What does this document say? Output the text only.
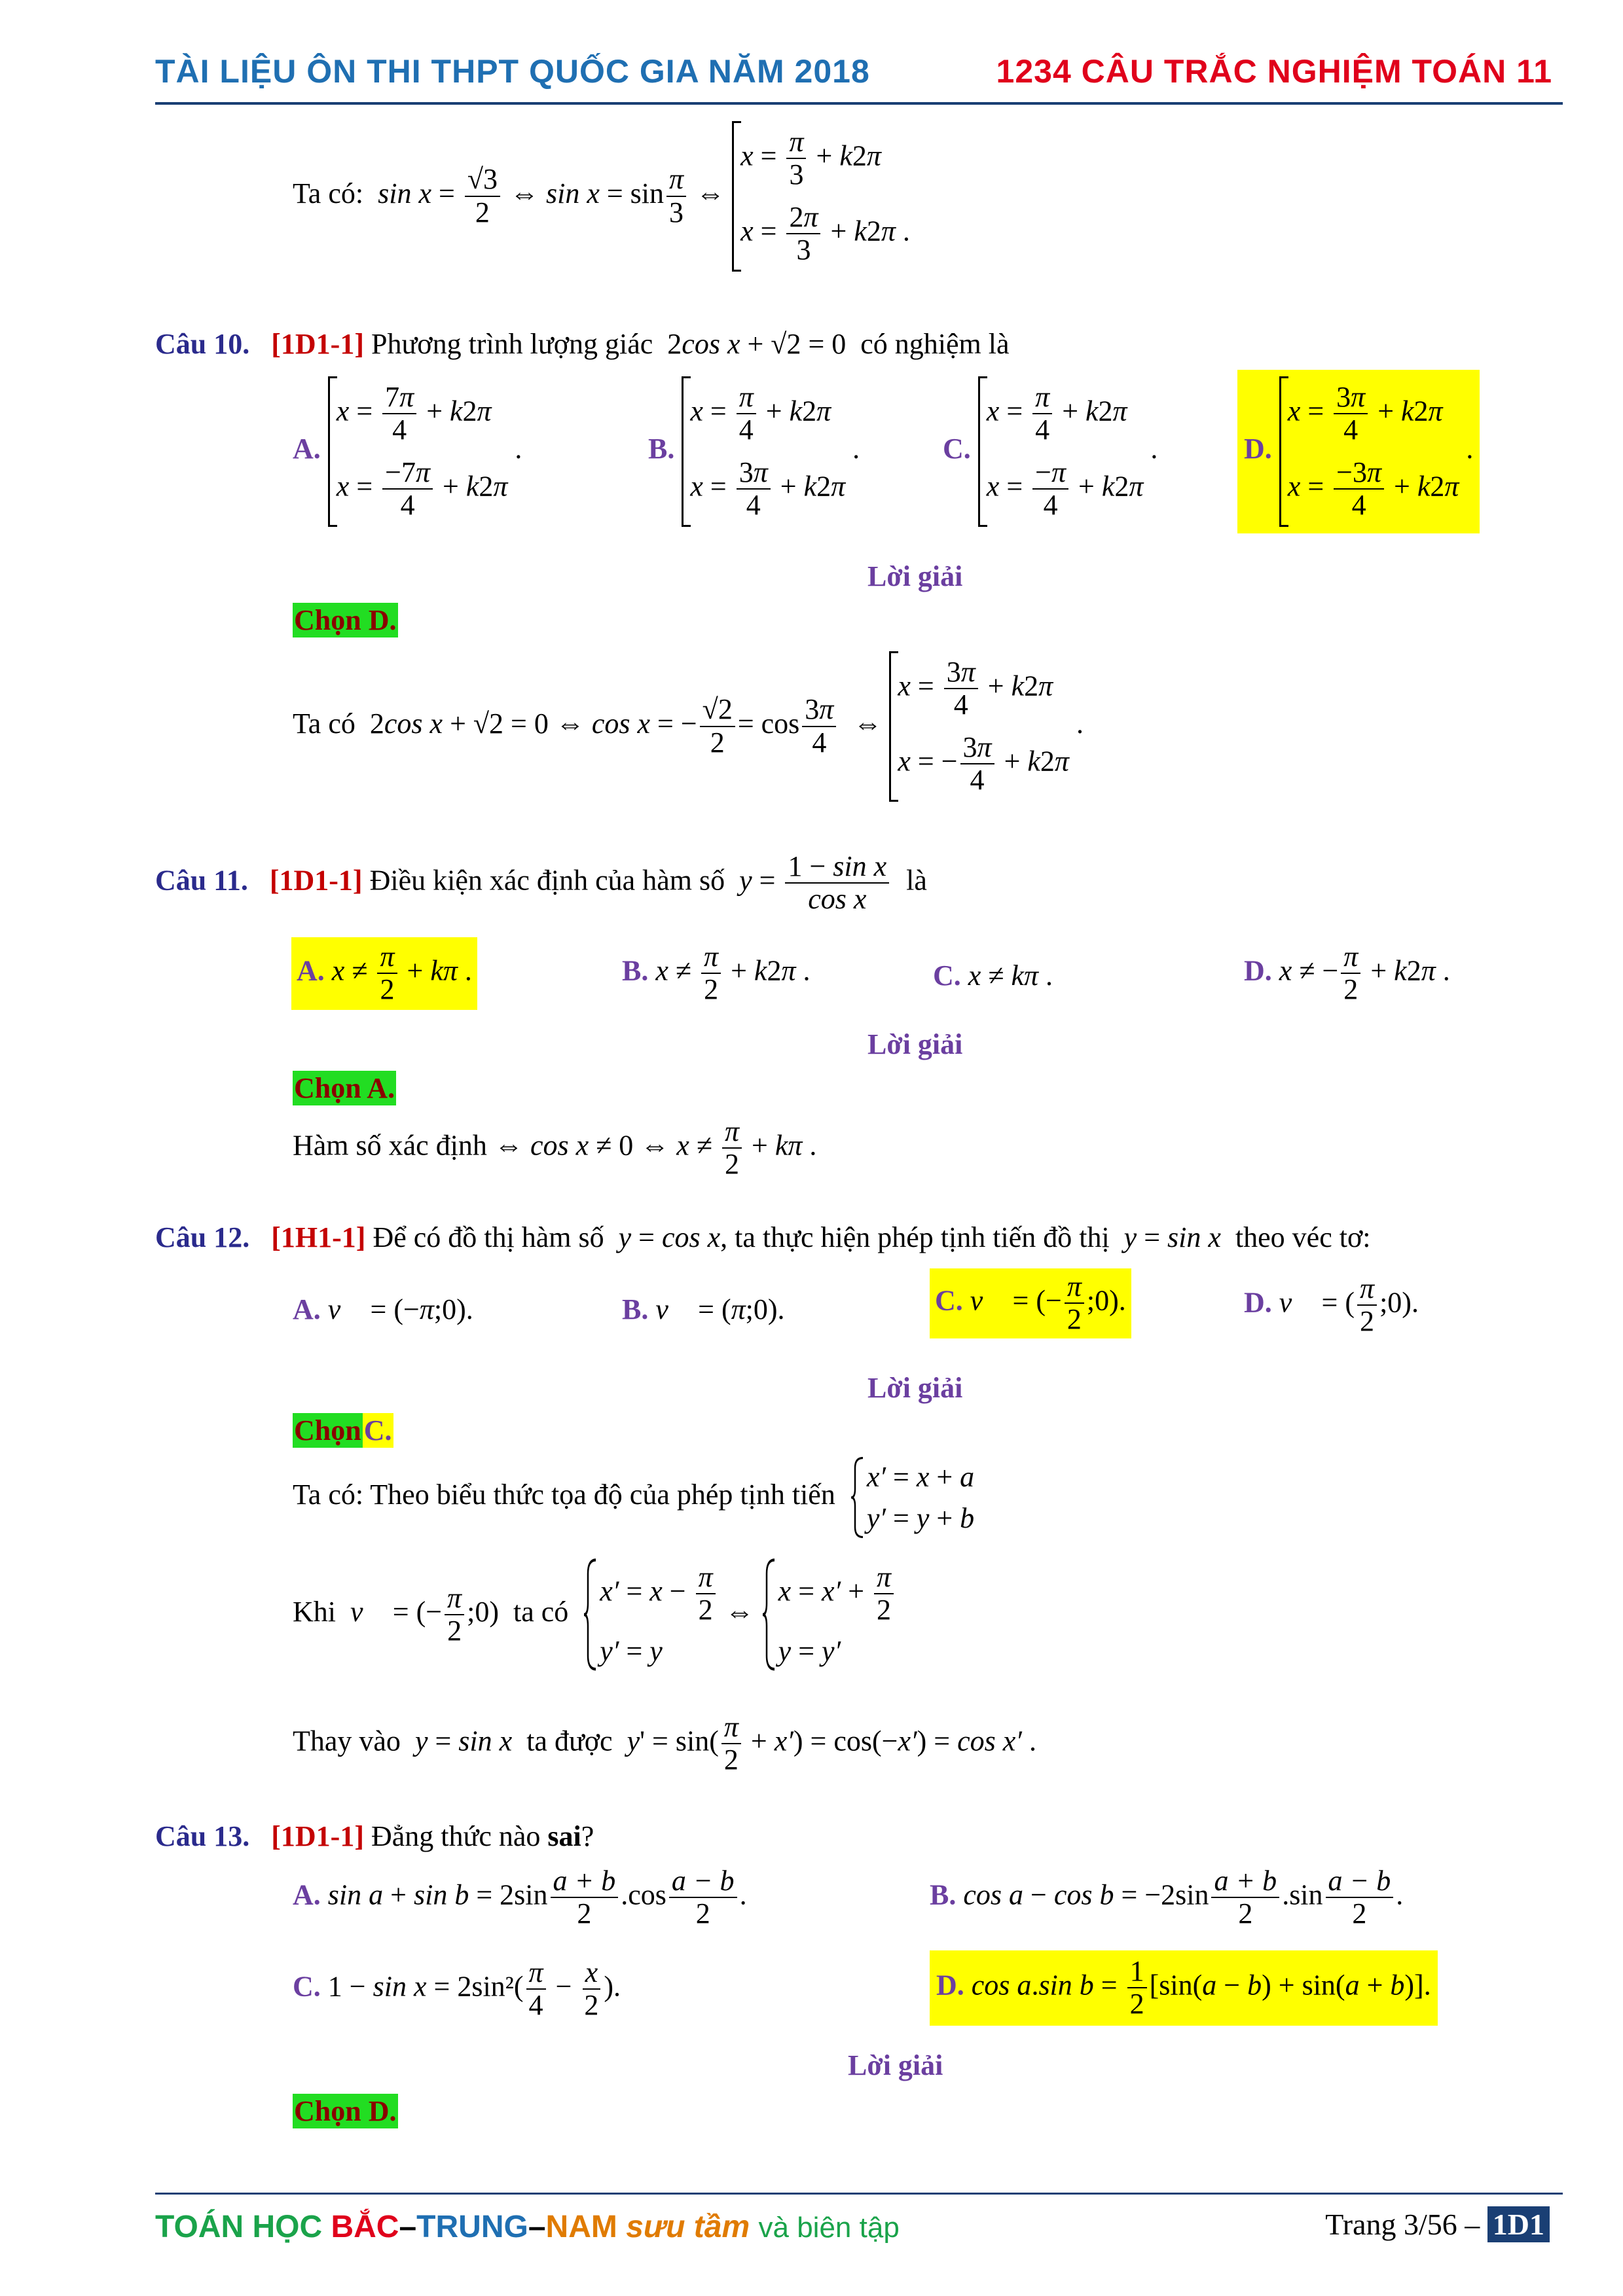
TÀI LIỆU ÔN THI THPT QUỐC GIA NĂM 2018	1234 CÂU TRẮC NGHIỆM TOÁN 11
Ta có: $\sin x = \frac{√3}{2}$ ⇔ $\sin x = \sin \frac{\pi}{3}$ ⇔
$x = \frac{\pi}{3} + k2\pi$
$x = \frac{2\pi}{3} + k2\pi$ .
Câu 10. [1D1-1] Phương trình lượng giác  2cos x + √2 = 0  có nghiệm là
A.
$x = \frac{7\pi}{4} + k2\pi$
$x = \frac{-7\pi}{4} + k2\pi$
.	B.
$x = \frac{\pi}{4} + k2\pi$
$x = \frac{3\pi}{4} + k2\pi$
.	C.
$x = \frac{\pi}{4} + k2\pi$
$x = \frac{-\pi}{4} + k2\pi$
.	D.
$x = \frac{3\pi}{4} + k2\pi$
$x = \frac{-3\pi}{4} + k2\pi$
.
Lời giải
Chọn D.
Ta có  2cos x + √2 = 0 ⇔ cos x = − $\frac{√2}{2} = \cos \frac{3\pi}{4}$ ⇔
$x = \frac{3\pi}{4} + k2\pi$
x = − $\frac{3\pi}{4} + k2\pi$
.
Câu 11. [1D1-1] Điều kiện xác định của hàm số $y = \frac{\text{1 − sin x}}{\text{cos x}}$ là
A. $x \ne \frac{\pi}{2} + k\pi$ .	B. $x \ne \frac{\pi}{2} + k2\pi$ .	C. x ≠ kπ .	D. x ≠ − $\frac{\pi}{2} + k2\pi$ .
Lời giải
Chọn A.
Hàm số xác định ⇔ cos x ≠ 0 ⇔ $x \ne \frac{\pi}{2} + k\pi$ .
Câu 12. [1H1-1] Để có đồ thị hàm số y = cos x, ta thực hiện phép tịnh tiến đồ thị y = sin x theo véc tơ:
A. v⃗ = (−π;0).	B. v⃗ = (π;0).	C. v⃗ = (− $\frac{\pi}{2}$ ;0).	D. v⃗ = ( $\frac{\pi}{2}$ ;0).
Lời giải
ChọnC.
Ta có: Theo biểu thức tọa độ của phép tịnh tiến
x′ = x + a
y′ = y + b
Khi v⃗ = (− $\frac{\pi}{2}$ ;0)  ta có
$x' = x - \frac{\pi}{2}$
y′ = y
⇔
$x = x' + \frac{\pi}{2}$
y = y′
Thay vào y = sin x ta được $y' = \sin( \frac{\pi}{2} + x') = \cos(-x') = \cos x'$ .
Câu 13. [1D1-1] Đẳng thức nào sai?
A. $\sin a + \sin b = 2\sin \frac{a + b}{2} .\cos \frac{a - b}{2}$ .	B. $\cos a - \cos b = -2\sin \frac{a + b}{2} .\sin \frac{a - b}{2}$ .
C. $1 - \sin x = 2\sin^2( \frac{\pi}{4} - \frac{x}{2}$ ).	D. cos a.sin $b = \frac{1}{2} [\sin(a - b) + \sin(a + b)]$.
Lời giải
Chọn D.
TOÁN HỌC BẮC–TRUNG–NAM sưu tầm và biên tập	Trang 3/56 – 1D1
